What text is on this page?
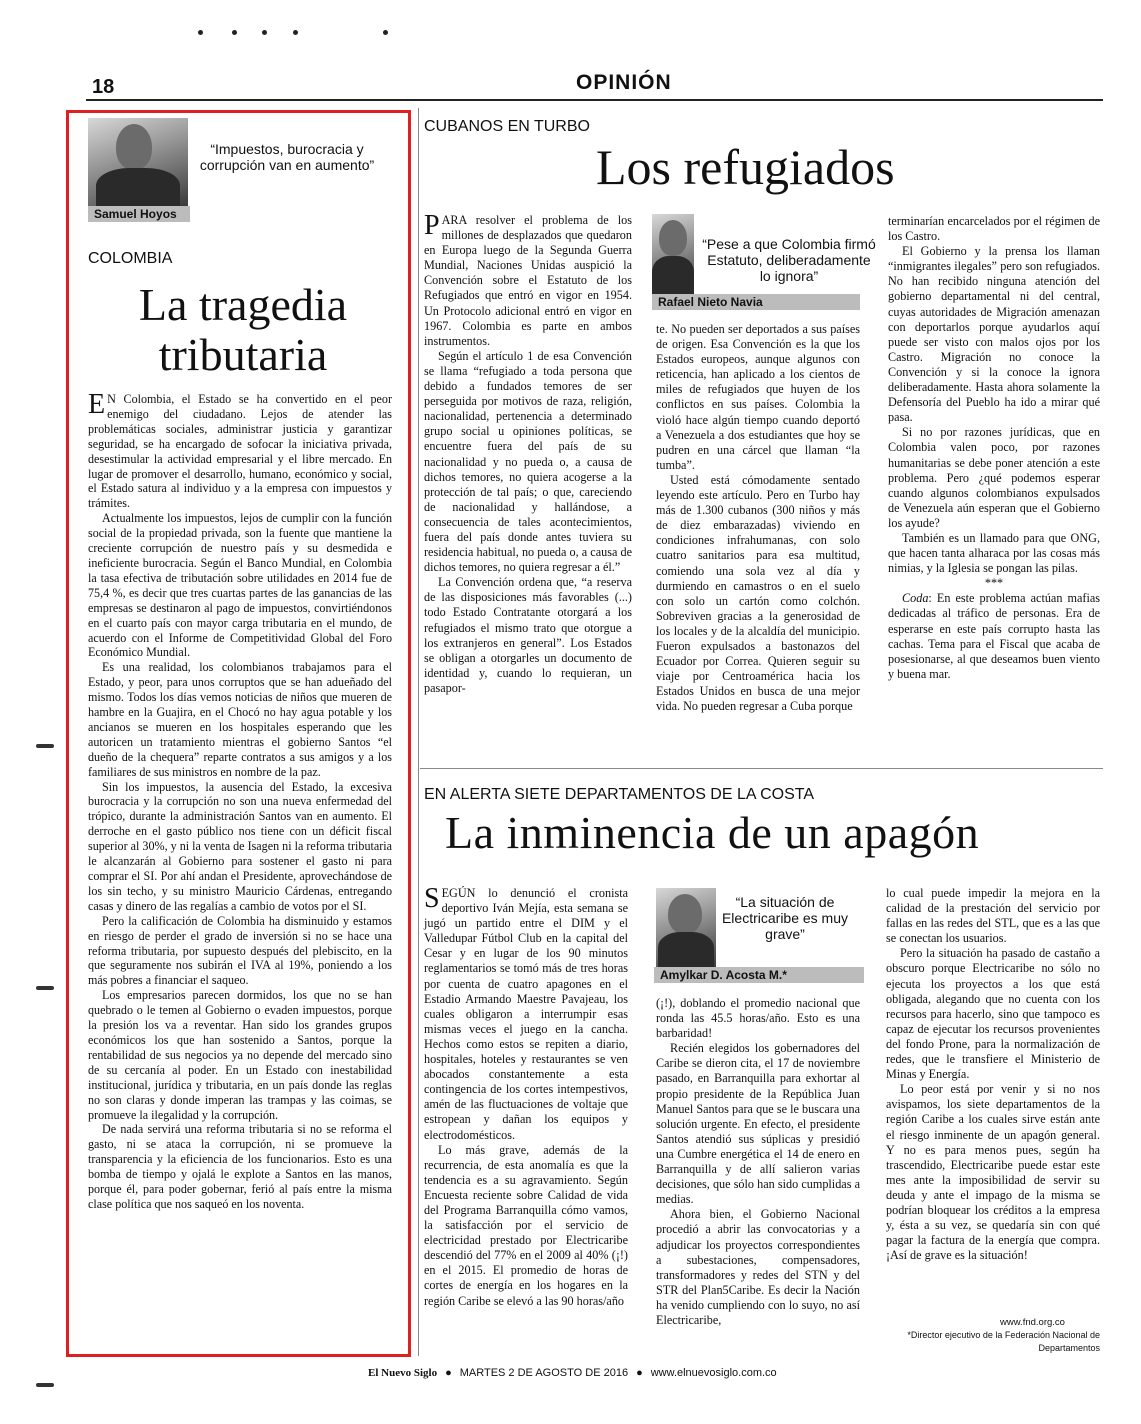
18	OPINIÓN
Samuel Hoyos
“Impuestos, burocracia y corrupción van en aumento”
COLOMBIA
La tragedia
tributaria

E N Colombia, el Estado se ha convertido en el peor enemigo del ciudadano. Lejos de atender las problemáticas sociales, administrar justicia y garantizar seguridad, se ha encargado de sofocar la iniciativa privada, desestimular la actividad empresarial y el libre mercado. En lugar de promover el desarrollo, humano, económico y social, el Estado satura al individuo y a la empresa con impuestos y trámites.

Actualmente los impuestos, lejos de cumplir con la función social de la propiedad privada, son la fuente que mantiene la creciente corrupción de nuestro país y su desmedida e ineficiente burocracia. Según el Banco Mundial, en Colombia la tasa efectiva de tributación sobre utilidades en 2014 fue de 75,4 %, es decir que tres cuartas partes de las ganancias de las empresas se destinaron al pago de impuestos, convirtiéndonos en el cuarto país con mayor carga tributaria en el mundo, de acuerdo con el Informe de Competitividad Global del Foro Económico Mundial.

Es una realidad, los colombianos trabajamos para el Estado, y peor, para unos corruptos que se han adueñado del mismo. Todos los días vemos noticias de niños que mueren de hambre en la Guajira, en el Chocó no hay agua potable y los ancianos se mueren en los hospitales esperando que les autoricen un tratamiento mientras el gobierno Santos “el dueño de la chequera” reparte contratos a sus amigos y a los familiares de sus ministros en nombre de la paz.

Sin los impuestos, la ausencia del Estado, la excesiva burocracia y la corrupción no son una nueva enfermedad del trópico, durante la administración Santos van en aumento. El derroche en el gasto público nos tiene con un déficit fiscal superior al 30%, y ni la venta de Isagen ni la reforma tributaria le alcanzarán al Gobierno para sostener el gasto ni para comprar el SI. Por ahí andan el Presidente, aprovechándose de los sin techo, y su ministro Mauricio Cárdenas, entregando casas y dinero de las regalías a cambio de votos por el SI.

Pero la calificación de Colombia ha disminuido y estamos en riesgo de perder el grado de inversión si no se hace una reforma tributaria, por supuesto después del plebiscito, en la que seguramente nos subirán el IVA al 19%, poniendo a los más pobres a financiar el saqueo.

Los empresarios parecen dormidos, los que no se han quebrado o le temen al Gobierno o evaden impuestos, porque la presión los va a reventar. Han sido los grandes grupos económicos los que han sostenido a Santos, porque la rentabilidad de sus negocios ya no depende del mercado sino de su cercanía al poder. En un Estado con inestabilidad institucional, jurídica y tributaria, en un país donde las reglas no son claras y donde imperan las trampas y las coimas, se promueve la ilegalidad y la corrupción.

De nada servirá una reforma tributaria si no se reforma el gasto, ni se ataca la corrupción, ni se promueve la transparencia y la eficiencia de los funcionarios. Esto es una bomba de tiempo y ojalá le explote a Santos en las manos, porque él, para poder gobernar, ferió al país entre la misma clase política que nos saqueó en los noventa.

CUBANOS EN TURBO
Los refugiados

PARA resolver el problema de los millones de desplazados que quedaron en Europa luego de la Segunda Guerra Mundial, Naciones Unidas auspició la Convención sobre el Estatuto de los Refugiados que entró en vigor en 1954. Un Protocolo adicional entró en vigor en 1967. Colombia es parte en ambos instrumentos.

Según el artículo 1 de esa Convención se llama “refugiado a toda persona que debido a fundados temores de ser perseguida por motivos de raza, religión, nacionalidad, pertenencia a determinado grupo social u opiniones políticas, se encuentre fuera del país de su nacionalidad y no pueda o, a causa de dichos temores, no quiera acogerse a la protección de tal país; o que, careciendo de nacionalidad y hallándose, a consecuencia de tales acontecimientos, fuera del país donde antes tuviera su residencia habitual, no pueda o, a causa de dichos temores, no quiera regresar a él.”

La Convención ordena que, “a reserva de las disposiciones más favorables (...) todo Estado Contratante otorgará a los refugiados el mismo trato que otorgue a los extranjeros en general”. Los Estados se obligan a otorgarles un documento de identidad y, cuando lo requieran, un pasapor-

“Pese a que Colombia firmó Estatuto, deliberadamente lo ignora”
Rafael Nieto Navia

te. No pueden ser deportados a sus países de origen. Esa Convención es la que los Estados europeos, aunque algunos con reticencia, han aplicado a los cientos de miles de refugiados que huyen de los conflictos en sus países. Colombia la violó hace algún tiempo cuando deportó a Venezuela a dos estudiantes que hoy se pudren en una cárcel que llaman “la tumba”.

Usted está cómodamente sentado leyendo este artículo. Pero en Turbo hay más de 1.300 cubanos (300 niños y más de diez embarazadas) viviendo en condiciones infrahumanas, con solo cuatro sanitarios para esa multitud, comiendo una sola vez al día y durmiendo en camastros o en el suelo con solo un cartón como colchón. Sobreviven gracias a la generosidad de los locales y de la alcaldía del municipio. Fueron expulsados a bastonazos del Ecuador por Correa. Quieren seguir su viaje por Centroamérica hacia los Estados Unidos en busca de una mejor vida. No pueden regresar a Cuba porque

terminarían encarcelados por el régimen de los Castro.

El Gobierno y la prensa los llaman “inmigrantes ilegales” pero son refugiados. No han recibido ninguna atención del gobierno departamental ni del central, cuyas autoridades de Migración amenazan con deportarlos porque ayudarlos aquí puede ser visto con malos ojos por los Castro. Migración no conoce la Convención y si la conoce la ignora deliberadamente. Hasta ahora solamente la Defensoría del Pueblo ha ido a mirar qué pasa.

Si no por razones jurídicas, que en Colombia valen poco, por razones humanitarias se debe poner atención a este problema. Pero ¿qué podemos esperar cuando algunos colombianos expulsados de Venezuela aún esperan que el Gobierno los ayude?

También es un llamado para que ONG, que hacen tanta alharaca por las cosas más nimias, y la Iglesia se pongan las pilas.

***

Coda: En este problema actúan mafias dedicadas al tráfico de personas. Era de esperarse en este país corrupto hasta las cachas. Tema para el Fiscal que acaba de posesionarse, al que deseamos buen viento y buena mar.

EN ALERTA SIETE DEPARTAMENTOS DE LA COSTA
La inminencia de un apagón

SEGÚN lo denunció el cronista deportivo Iván Mejía, esta semana se jugó un partido entre el DIM y el Valledupar Fútbol Club en la capital del Cesar y en lugar de los 90 minutos reglamentarios se tomó más de tres horas por cuenta de cuatro apagones en el Estadio Armando Maestre Pavajeau, los cuales obligaron a interrumpir esas mismas veces el juego en la cancha. Hechos como estos se repiten a diario, hospitales, hoteles y restaurantes se ven abocados constantemente a esta contingencia de los cortes intempestivos, amén de las fluctuaciones de voltaje que estropean y dañan los equipos y electrodomésticos.

Lo más grave, además de la recurrencia, de esta anomalía es que la tendencia es a su agravamiento. Según Encuesta reciente sobre Calidad de vida del Programa Barranquilla cómo vamos, la satisfacción por el servicio de electricidad prestado por Electricaribe descendió del 77% en el 2009 al 40% (¡!) en el 2015. El promedio de horas de cortes de energía en los hogares en la región Caribe se elevó a las 90 horas/año

“La situación de Electricaribe es muy grave”
Amylkar D. Acosta M.*

(¡!), doblando el promedio nacional que ronda las 45.5 horas/año. Esto es una barbaridad!

Recién elegidos los gobernadores del Caribe se dieron cita, el 17 de noviembre pasado, en Barranquilla para exhortar al propio presidente de la República Juan Manuel Santos para que se le buscara una solución urgente. En efecto, el presidente Santos atendió sus súplicas y presidió una Cumbre energética el 14 de enero en Barranquilla y de allí salieron varias decisiones, que sólo han sido cumplidas a medias.

Ahora bien, el Gobierno Nacional procedió a abrir las convocatorias y a adjudicar los proyectos correspondientes a subestaciones, compensadores, transformadores y redes del STN y del STR del Plan5Caribe. Es decir la Nación ha venido cumpliendo con lo suyo, no así Electricaribe,

lo cual puede impedir la mejora en la calidad de la prestación del servicio por fallas en las redes del STL, que es a las que se conectan los usuarios.

Pero la situación ha pasado de castaño a obscuro porque Electricaribe no sólo no ejecuta los proyectos a los que está obligada, alegando que no cuenta con los recursos para hacerlo, sino que tampoco es capaz de ejecutar los recursos provenientes del fondo Prone, para la normalización de redes, que le transfiere el Ministerio de Minas y Energía.

Lo peor está por venir y si no nos avispamos, los siete departamentos de la región Caribe a los cuales sirve están ante el riesgo inminente de un apagón general. Y no es para menos pues, según ha trascendido, Electricaribe puede estar este mes ante la imposibilidad de servir su deuda y ante el impago de la misma se podrían bloquear los créditos a la empresa y, ésta a su vez, se quedaría sin con qué pagar la factura de la energía que compra. ¡Así de grave es la situación!

www.fnd.org.co
*Director ejecutivo de la Federación Nacional de Departamentos
El Nuevo Siglo ● MARTES 2 DE AGOSTO DE 2016 ● www.elnuevosiglo.com.co
